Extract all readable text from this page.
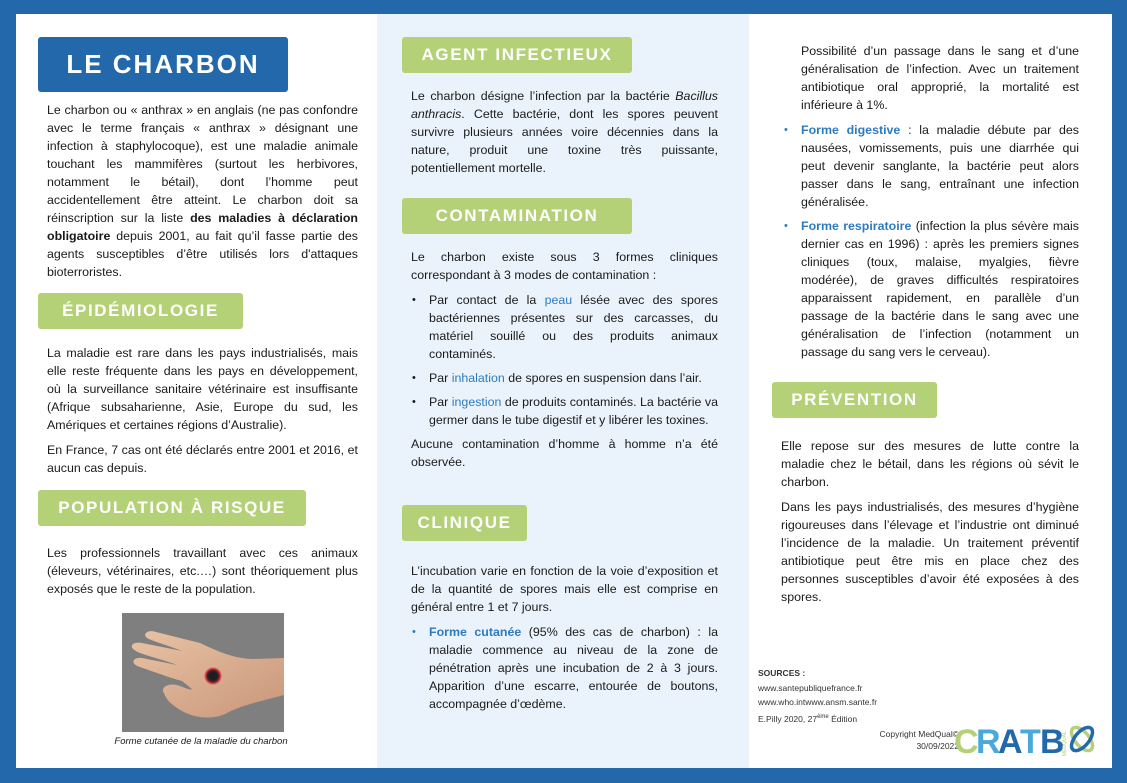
LE CHARBON

Le charbon ou « anthrax » en anglais (ne pas confondre avec le terme français « anthrax » désignant une infection à staphylocoque), est une maladie animale touchant les mammifères (surtout les herbivores, notamment le bétail), dont l’homme peut accidentellement être atteint. Le charbon doit sa réinscription sur la liste des maladies à déclaration obligatoire depuis 2001, au fait qu’il fasse partie des agents susceptibles d’être utilisés lors d'attaques bioterroristes.

ÉPIDÉMIOLOGIE

La maladie est rare dans les pays industrialisés, mais elle reste fréquente dans les pays en développement, où la surveillance sanitaire vétérinaire est insuffisante (Afrique subsaharienne, Asie, Europe du sud, les Amériques et certaines régions d’Australie).

En France, 7 cas ont été déclarés entre 2001 et 2016, et aucun cas depuis.

POPULATION À RISQUE

Les professionnels travaillant avec ces animaux (éleveurs, vétérinaires, etc.…) sont théoriquement plus exposés que le reste de la population.

Forme cutanée de la maladie du charbon
AGENT INFECTIEUX

Le charbon désigne l’infection par la bactérie Bacillus anthracis. Cette bactérie, dont les spores peuvent survivre plusieurs années voire décennies dans la nature, produit une toxine très puissante, potentiellement mortelle.

CONTAMINATION

Le charbon existe sous 3 formes cliniques correspondant à 3 modes de contamination :

• Par contact de la peau lésée avec des spores bactériennes présentes sur des carcasses, du matériel souillé ou des produits animaux contaminés.
• Par inhalation de spores en suspension dans l’air.
• Par ingestion de produits contaminés. La bactérie va germer dans le tube digestif et y libérer les toxines.

Aucune contamination d’homme à homme n’a été observée.

CLINIQUE

L’incubation varie en fonction de la voie d’exposition et de la quantité de spores mais elle est comprise en général entre 1 et 7 jours.

• Forme cutanée (95% des cas de charbon) : la maladie commence au niveau de la zone de pénétration après une incubation de 2 à 3 jours. Apparition d’une escarre, entourée de boutons, accompagnée d’œdème.

Possibilité d’un passage dans le sang et d’une généralisation de l’infection. Avec un traitement antibiotique oral approprié, la mortalité est inférieure à 1%.

• Forme digestive : la maladie débute par des nausées, vomissements, puis une diarrhée qui peut devenir sanglante, la bactérie peut alors passer dans le sang, entraînant une infection généralisée.
• Forme respiratoire (infection la plus sévère mais dernier cas en 1996) : après les premiers signes cliniques (toux, malaise, myalgies, fièvre modérée), de graves difficultés respiratoires apparaissent rapidement, en parallèle d’un passage de la bactérie dans le sang avec une généralisation de l’infection (notamment un passage du sang vers le cerveau).
PRÉVENTION

Elle repose sur des mesures de lutte contre la maladie chez le bétail, dans les régions où sévit le charbon.

Dans les pays industrialisés, des mesures d’hygiène rigoureuses dans l’élevage et l’industrie ont diminué l’incidence de la maladie. Un traitement préventif antibiotique peut être mis en place chez des personnes susceptibles d’avoir été exposées à des spores.

SOURCES :
www.santepubliquefrance.fr
www.who.intwww.ansm.sante.fr
E.Pilly 2020, 27ème Édition
Copyright MedQual©
30/09/2022
C R A T B MEDQUAL
